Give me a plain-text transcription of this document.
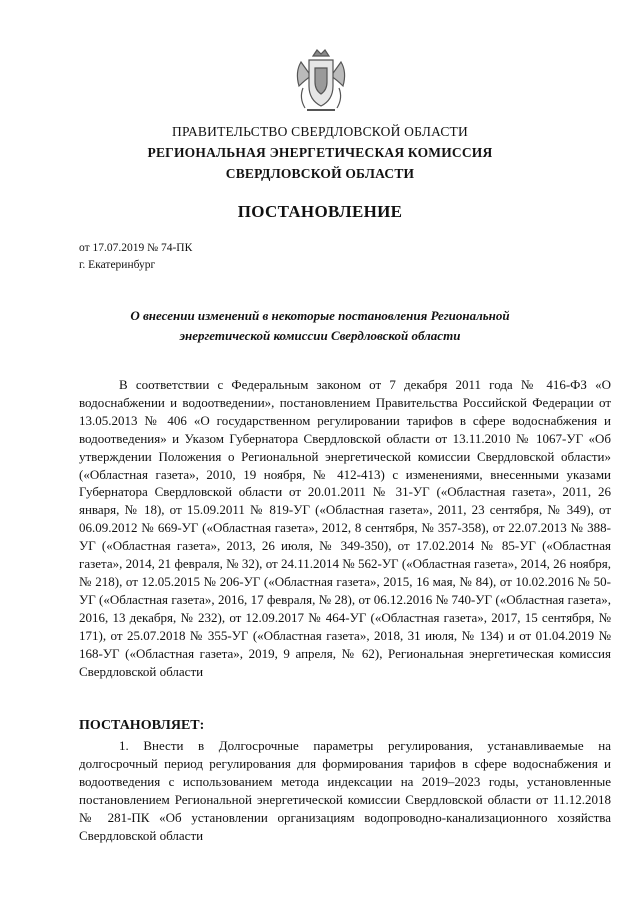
ПРАВИТЕЛЬСТВО СВЕРДЛОВСКОЙ ОБЛАСТИ
РЕГИОНАЛЬНАЯ ЭНЕРГЕТИЧЕСКАЯ КОМИССИЯ
СВЕРДЛОВСКОЙ ОБЛАСТИ
ПОСТАНОВЛЕНИЕ
от 17.07.2019 № 74-ПК
г. Екатеринбург
О внесении изменений в некоторые постановления Региональной энергетической комиссии Свердловской области
В соответствии с Федеральным законом от 7 декабря 2011 года № 416-ФЗ «О водоснабжении и водоотведении», постановлением Правительства Российской Федерации от 13.05.2013 № 406 «О государственном регулировании тарифов в сфере водоснабжения и водоотведения» и Указом Губернатора Свердловской области от 13.11.2010 № 1067-УГ «Об утверждении Положения о Региональной энергетической комиссии Свердловской области» («Областная газета», 2010, 19 ноября, № 412-413) с изменениями, внесенными указами Губернатора Свердловской области от 20.01.2011 № 31-УГ («Областная газета», 2011, 26 января, № 18), от 15.09.2011 № 819-УГ («Областная газета», 2011, 23 сентября, № 349), от 06.09.2012 № 669-УГ («Областная газета», 2012, 8 сентября, № 357-358), от 22.07.2013 № 388-УГ («Областная газета», 2013, 26 июля, № 349-350), от 17.02.2014 № 85-УГ («Областная газета», 2014, 21 февраля, № 32), от 24.11.2014 № 562-УГ («Областная газета», 2014, 26 ноября, № 218), от 12.05.2015 № 206-УГ («Областная газета», 2015, 16 мая, № 84), от 10.02.2016 № 50-УГ («Областная газета», 2016, 17 февраля, № 28), от 06.12.2016 № 740-УГ («Областная газета», 2016, 13 декабря, № 232), от 12.09.2017 № 464-УГ («Областная газета», 2017, 15 сентября, № 171), от 25.07.2018 № 355-УГ («Областная газета», 2018, 31 июля, № 134) и от 01.04.2019 № 168-УГ («Областная газета», 2019, 9 апреля, № 62), Региональная энергетическая комиссия Свердловской области
ПОСТАНОВЛЯЕТ:
1. Внести в Долгосрочные параметры регулирования, устанавливаемые на долгосрочный период регулирования для формирования тарифов в сфере водоснабжения и водоотведения с использованием метода индексации на 2019–2023 годы, установленные постановлением Региональной энергетической комиссии Свердловской области от 11.12.2018 № 281-ПК «Об установлении организациям водопроводно-канализационного хозяйства Свердловской области
